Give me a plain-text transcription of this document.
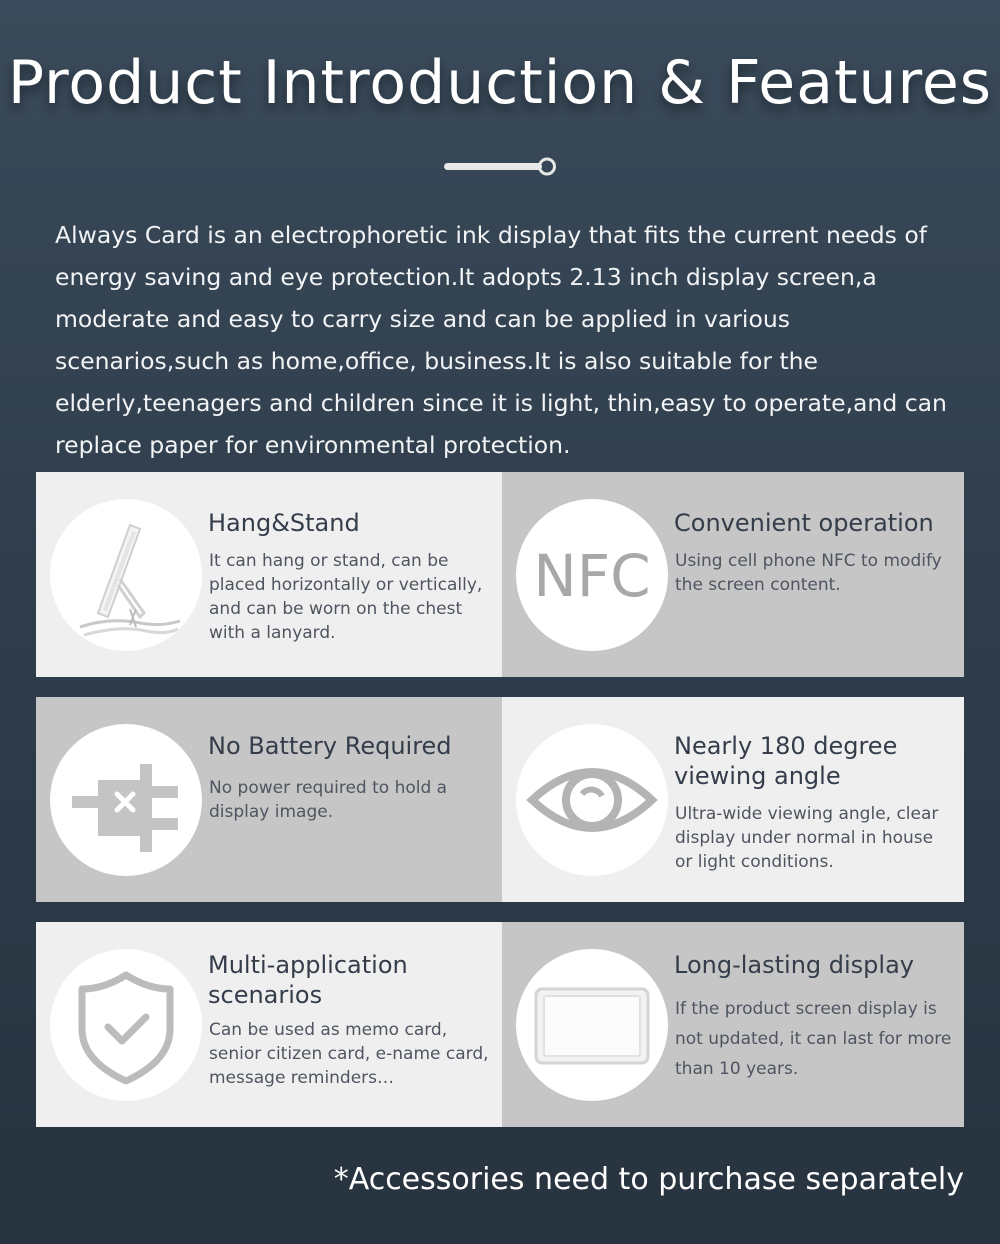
Product Introduction & Features

Always Card is an electrophoretic ink display that fits the current needs of energy saving and eye protection.It adopts 2.13 inch display screen,a moderate and easy to carry size and can be applied in various scenarios,such as home,office, business.It is also suitable for the elderly,teenagers and children since it is light, thin,easy to operate,and can replace paper for environmental protection.

Hang&Stand

It can hang or stand, can be placed horizontally or vertically, and can be worn on the chest with a lanyard.

NFC
Convenient operation

Using cell phone NFC to modify the screen content.

No Battery Required

No power required to hold a display image.

Nearly 180 degree viewing angle

Ultra-wide viewing angle, clear display under normal in house or light conditions.

Multi-application scenarios

Can be used as memo card, senior citizen card, e-name card, message reminders…

Long-lasting display

If the product screen display is not updated, it can last for more than 10 years.

*Accessories need to purchase separately
